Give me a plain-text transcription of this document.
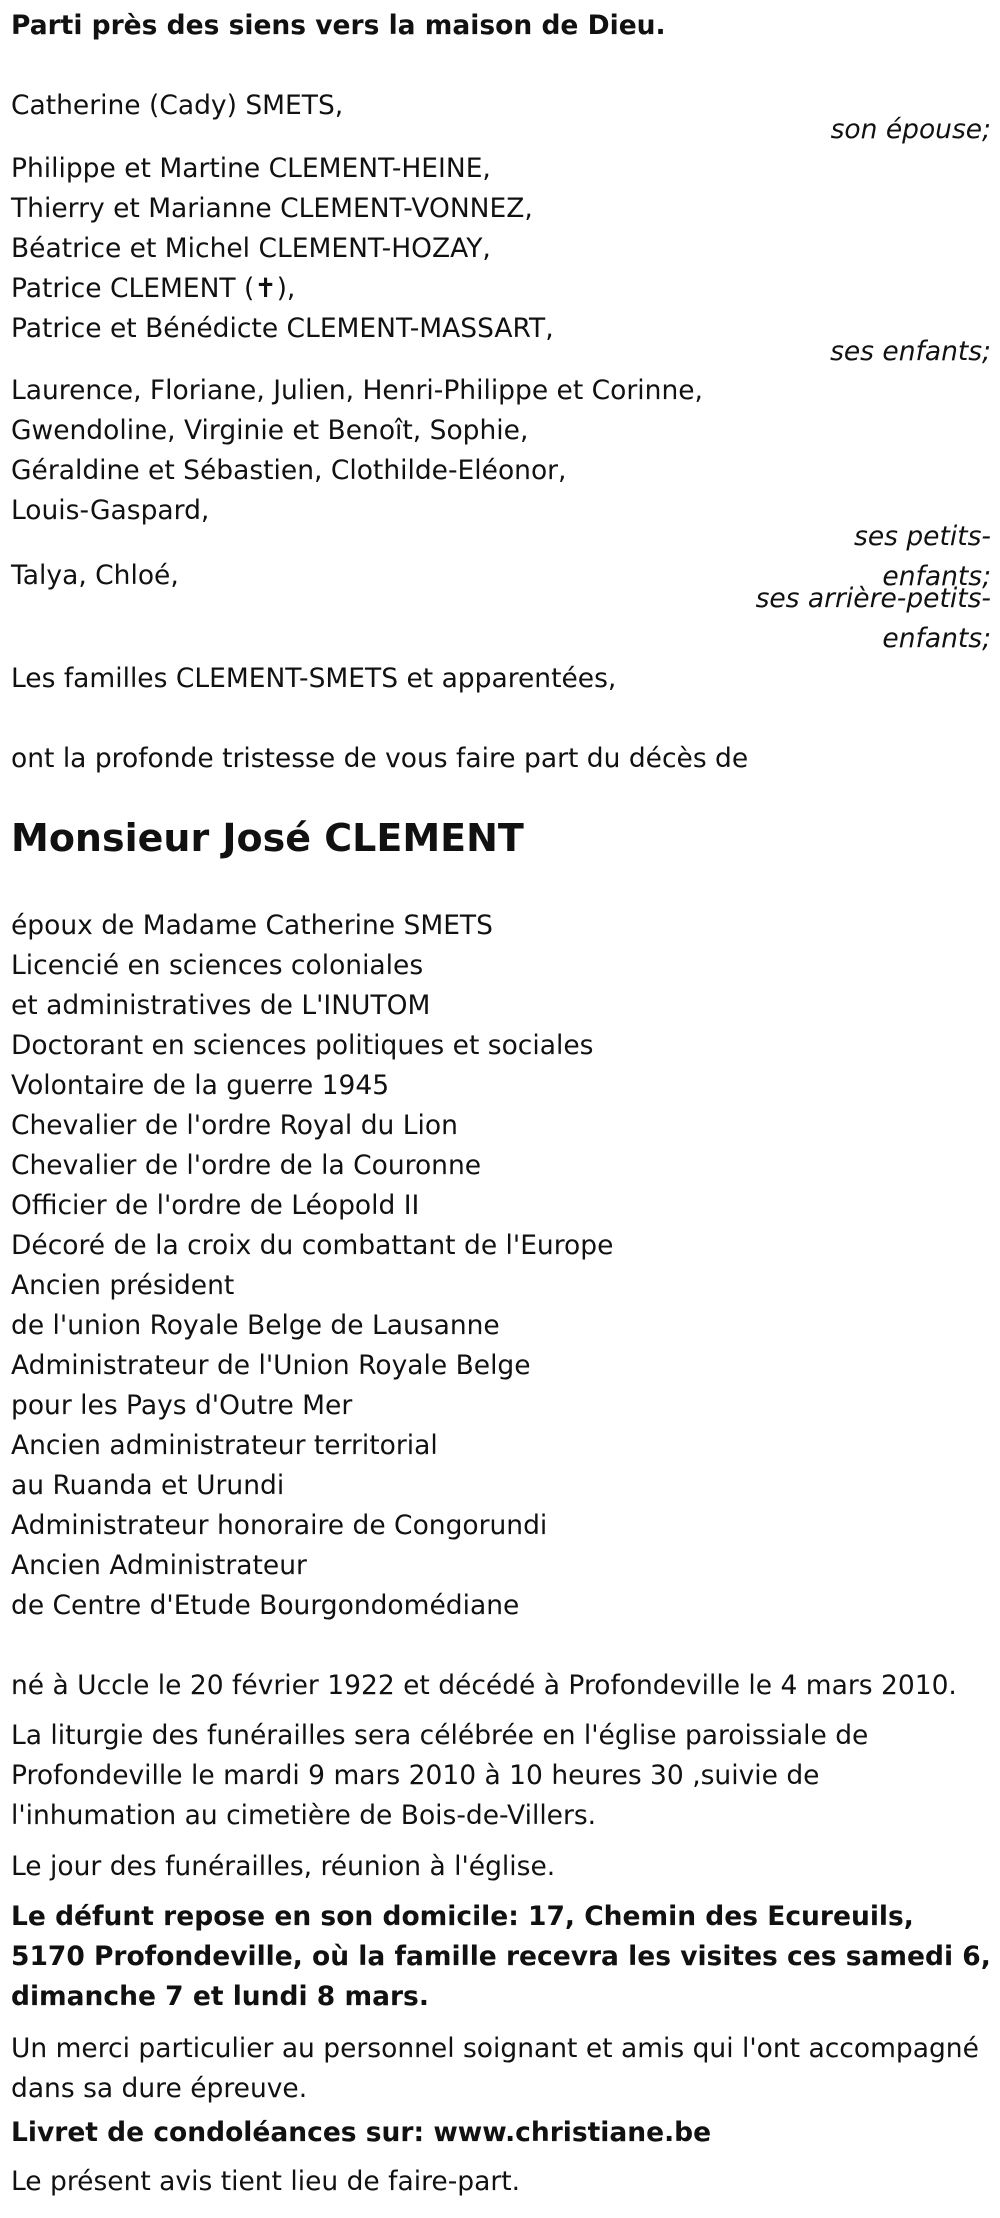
Parti près des siens vers la maison de Dieu.
Catherine (Cady) SMETS,
son épouse;
Philippe et Martine CLEMENT-HEINE,
Thierry et Marianne CLEMENT-VONNEZ,
Béatrice et Michel CLEMENT-HOZAY,
Patrice CLEMENT (✝),
Patrice et Bénédicte CLEMENT-MASSART,
ses enfants;
Laurence, Floriane, Julien, Henri-Philippe et Corinne,
Gwendoline, Virginie et Benoît, Sophie,
Géraldine et Sébastien, Clothilde-Eléonor,
Louis-Gaspard,
ses petits-enfants;
Talya, Chloé,
ses arrière-petits-enfants;
Les familles CLEMENT-SMETS et apparentées,
ont la profonde tristesse de vous faire part du décès de
Monsieur José CLEMENT
époux de Madame Catherine SMETS
Licencié en sciences coloniales
et administratives de L'INUTOM
Doctorant en sciences politiques et sociales
Volontaire de la guerre 1945
Chevalier de l'ordre Royal du Lion
Chevalier de l'ordre de la Couronne
Officier de l'ordre de Léopold II
Décoré de la croix du combattant de l'Europe
Ancien président
de l'union Royale Belge de Lausanne
Administrateur de l'Union Royale Belge
pour les Pays d'Outre Mer
Ancien administrateur territorial
au Ruanda et Urundi
Administrateur honoraire de Congorundi
Ancien Administrateur
de Centre d'Etude Bourgondomédiane
né à Uccle le 20 février 1922 et décédé à Profondeville le 4 mars 2010.
La liturgie des funérailles sera célébrée en l'église paroissiale de Profondeville le mardi 9 mars 2010 à 10 heures 30 ,suivie de l'inhumation au cimetière de Bois-de-Villers.
Le jour des funérailles, réunion à l'église.
Le défunt repose en son domicile: 17, Chemin des Ecureuils, 5170 Profondeville, où la famille recevra les visites ces samedi 6, dimanche 7 et lundi 8 mars.
Un merci particulier au personnel soignant et amis qui l'ont accompagné dans sa dure épreuve.
Livret de condoléances sur: www.christiane.be
Le présent avis tient lieu de faire-part.
